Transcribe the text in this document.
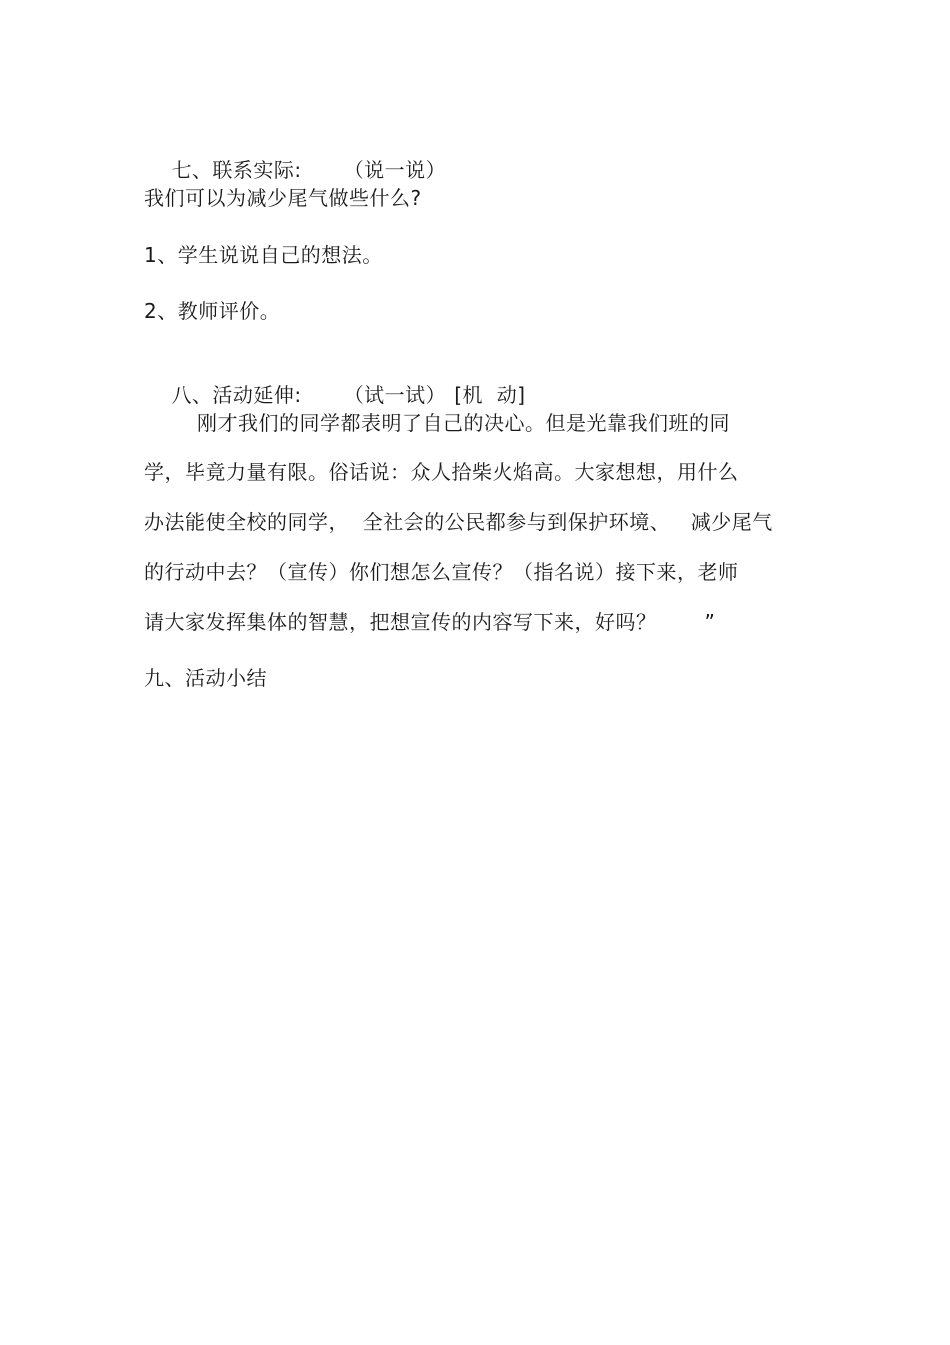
七、联系实际: （说一说）

我们可以为减少尾气做些什么?
1、学生说说自己的想法。
2、教师评价。

八、活动延伸: （试一试） [机  动]

刚才我们的同学都表明了自己的决心。但是光靠我们班的同
学，毕竟力量有限。俗话说：众人拾柴火焰高。大家想想，用什么
办法能使全校的同学，  全社会的公民都参与到保护环境、   减少尾气
的行动中去？（宣传）你们想怎么宣传？（指名说）接下来，老师
请大家发挥集体的智慧，把想宣传的内容写下来，好吗？       ”
九、活动小结
